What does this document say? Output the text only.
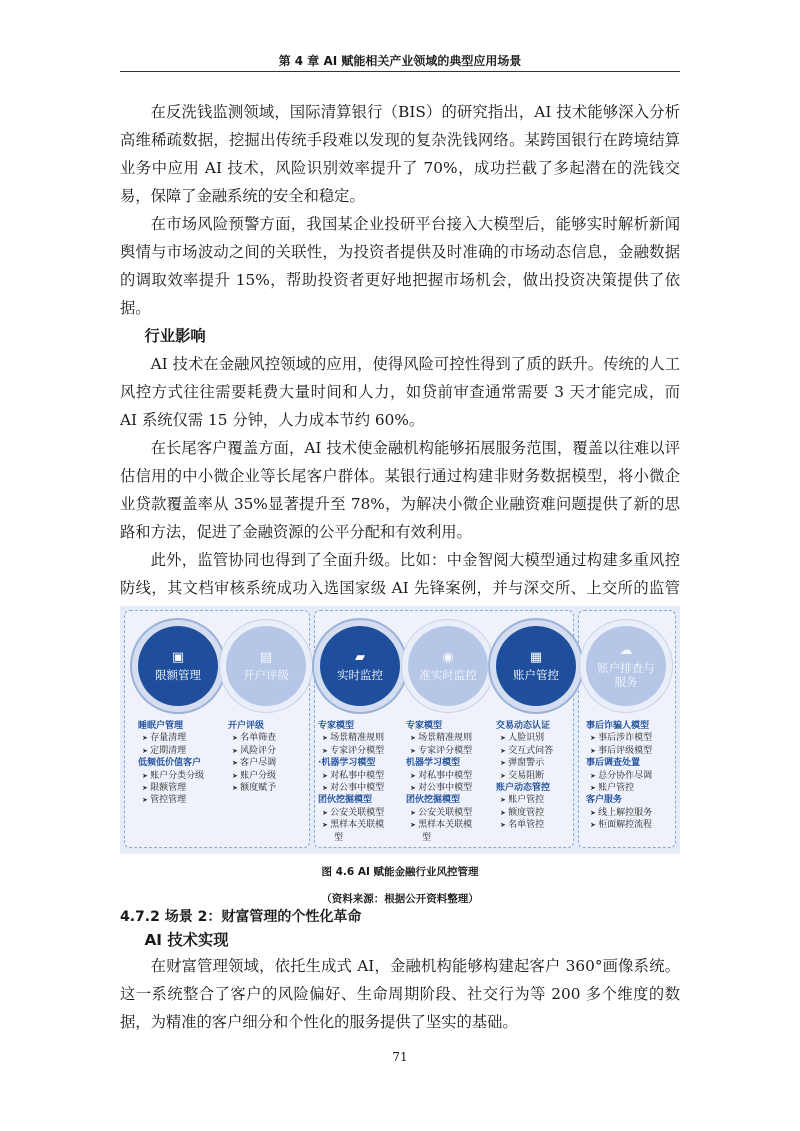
第 4 章 AI 赋能相关产业领域的典型应用场景

在反洗钱监测领域，国际清算银行（BIS）的研究指出，AI 技术能够深入分析高维稀疏数据，挖掘出传统手段难以发现的复杂洗钱网络。某跨国银行在跨境结算业务中应用 AI 技术，风险识别效率提升了 70%，成功拦截了多起潜在的洗钱交易，保障了金融系统的安全和稳定。

在市场风险预警方面，我国某企业投研平台接入大模型后，能够实时解析新闻舆情与市场波动之间的关联性，为投资者提供及时准确的市场动态信息，金融数据的调取效率提升 15%，帮助投资者更好地把握市场机会，做出投资决策提供了依据。

行业影响

AI 技术在金融风控领域的应用，使得风险可控性得到了质的跃升。传统的人工风控方式往往需要耗费大量时间和人力，如贷前审查通常需要 3 天才能完成，而 AI 系统仅需 15 分钟，人力成本节约 60%。

在长尾客户覆盖方面，AI 技术使金融机构能够拓展服务范围，覆盖以往难以评估信用的中小微企业等长尾客户群体。某银行通过构建非财务数据模型，将小微企业贷款覆盖率从 35%显著提升至 78%，为解决小微企业融资难问题提供了新的思路和方法，促进了金融资源的公平分配和有效利用。

此外，监管协同也得到了全面升级。比如：中金智阅大模型通过构建多重风控防线，其文档审核系统成功入选国家级 AI 先锋案例，并与深交所、上交所的监管

▣
限额管理
▤
开户评级
▰
实时监控
◉
准实时监控
▦
账户管控
☁
账户排查与服务
睡眠户管理
➤ 存量清理
➤ 定期清理
低频低价值客户
➤ 账户分类分级
➤ 限额管理
➤ 管控管理
开户评级
➤ 名单筛查
➤ 风险评分
➤ 客户尽调
➤ 账户分级
➤ 额度赋予
专家模型
➤ 场景精准规则
➤ 专家评分模型
·机器学习模型
➤ 对私事中模型
➤ 对公事中模型
团伙挖掘模型
➤ 公安关联模型
➤ 黑样本关联模
型
专家模型
➤ 场景精准规则
➤ 专家评分模型
机器学习模型
➤ 对私事中模型
➤ 对公事中模型
团伙挖掘模型
➤ 公安关联模型
➤ 黑样本关联模
型
交易动态认证
➤ 人脸识别
➤ 交互式问答
➤ 弹窗警示
➤ 交易阻断
账户动态管控
➤ 账户管控
➤ 额度管控
➤ 名单管控
事后诈骗人模型
➤ 事后涉诈模型
➤ 事后评级模型
事后调查处置
➤ 总分协作尽调
➤ 账户管控
客户服务
➤ 线上解控服务
➤ 柜面解控流程
图 4.6 AI 赋能金融行业风控管理
（资料来源：根据公开资料整理）

4.7.2 场景 2：财富管理的个性化革命

AI 技术实现

在财富管理领域，依托生成式 AI，金融机构能够构建起客户 360°画像系统。这一系统整合了客户的风险偏好、生命周期阶段、社交行为等 200 多个维度的数据，为精准的客户细分和个性化的服务提供了坚实的基础。

71
